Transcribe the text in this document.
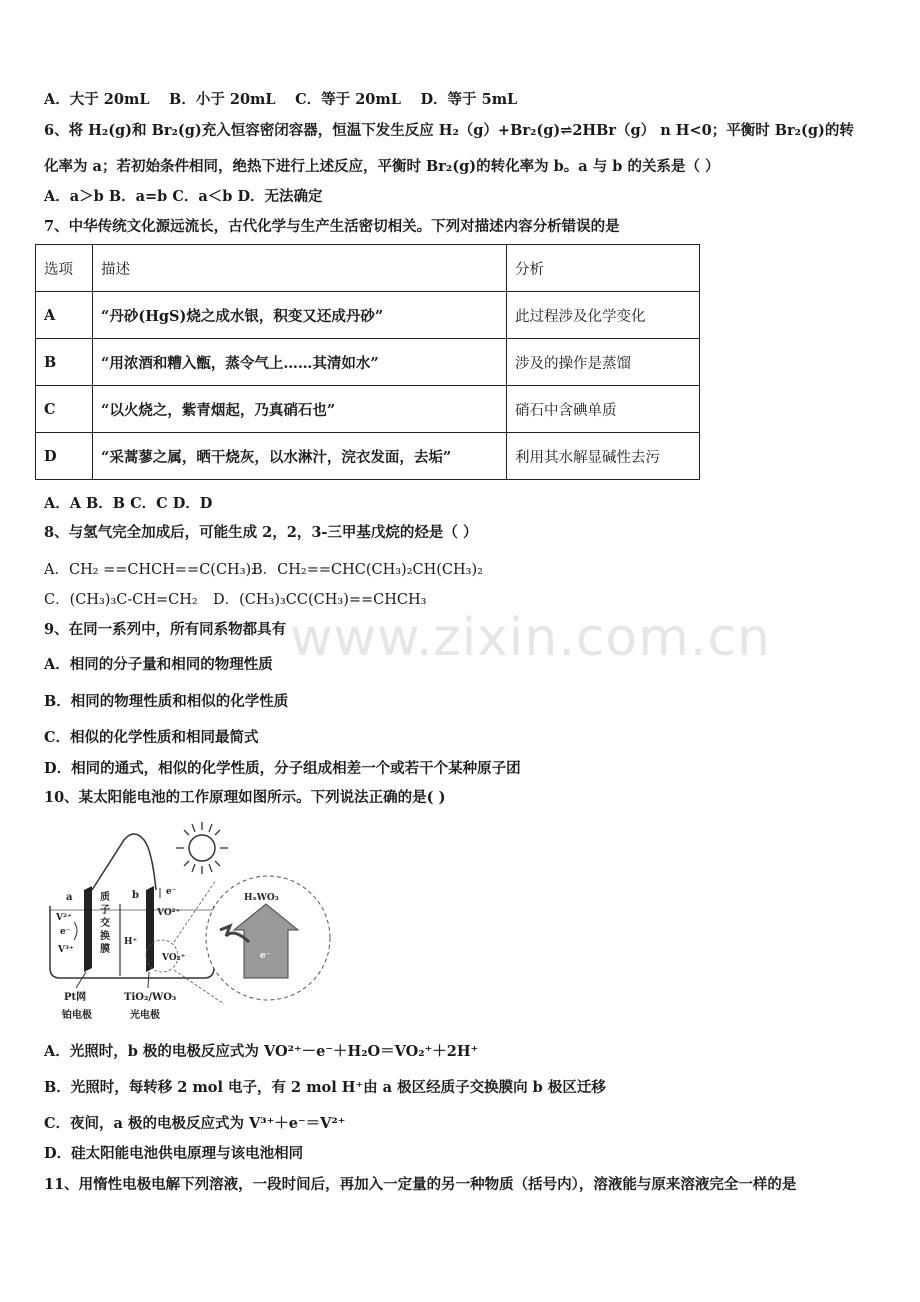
A．大于 20mL　 B．小于 20mL　 C．等于 20mL　 D．等于 5mL
6、将 H₂(g)和 Br₂(g)充入恒容密闭容器，恒温下发生反应 H₂（g）+Br₂(g)⇌2HBr（g） n H<0；平衡时 Br₂(g)的转
化率为 a；若初始条件相同，绝热下进行上述反应，平衡时 Br₂(g)的转化率为 b。a 与 b 的关系是（ ）
A．a＞b B．a=b C．a＜b D．无法确定
7、中华传统文化源远流长，古代化学与生产生活密切相关。下列对描述内容分析错误的是
选项	描述	分析
A	“丹砂(HgS)烧之成水银，积变又还成丹砂”	此过程涉及化学变化
B	“用浓酒和糟入甑，蒸令气上……其清如水”	涉及的操作是蒸馏
C	“以火烧之，紫青烟起，乃真硝石也”	硝石中含碘单质
D	“采蒿蓼之属，晒干烧灰，以水淋汁，浣衣发面，去垢”	利用其水解显碱性去污
A．A B．B C．C D．D
8、与氢气完全加成后，可能生成 2，2，3-三甲基戊烷的烃是（ ）
A．CH₂ ==CHCH==C(CH₃)₂
B．CH₂==CHC(CH₃)₂CH(CH₃)₂
C．(CH₃)₃C-CH=CH₂ D．(CH₃)₃CC(CH₃)==CHCH₃
www.zixin.com.cn
9、在同一系列中，所有同系物都具有
A．相同的分子量和相同的物理性质
B．相同的物理性质和相似的化学性质
C．相似的化学性质和相同最简式
D．相同的通式，相似的化学性质，分子组成相差一个或若干个某种原子团
10、某太阳能电池的工作原理如图所示。下列说法正确的是( )
a	b
质
子
交
换
膜
V²⁺
e⁻
V³⁺
H⁺
e⁻
VO²⁺
VO₂⁺
HₓWO₃
e⁻
Pt网
铂电极
TiO₂/WO₃
光电极
A．光照时，b 极的电极反应式为 VO²⁺－e⁻＋H₂O＝VO₂⁺＋2H⁺
B．光照时，每转移 2 mol 电子，有 2 mol H⁺由 a 极区经质子交换膜向 b 极区迁移
C．夜间，a 极的电极反应式为 V³⁺＋e⁻＝V²⁺
D．硅太阳能电池供电原理与该电池相同
11、用惰性电极电解下列溶液，一段时间后，再加入一定量的另一种物质（括号内），溶液能与原来溶液完全一样的是
